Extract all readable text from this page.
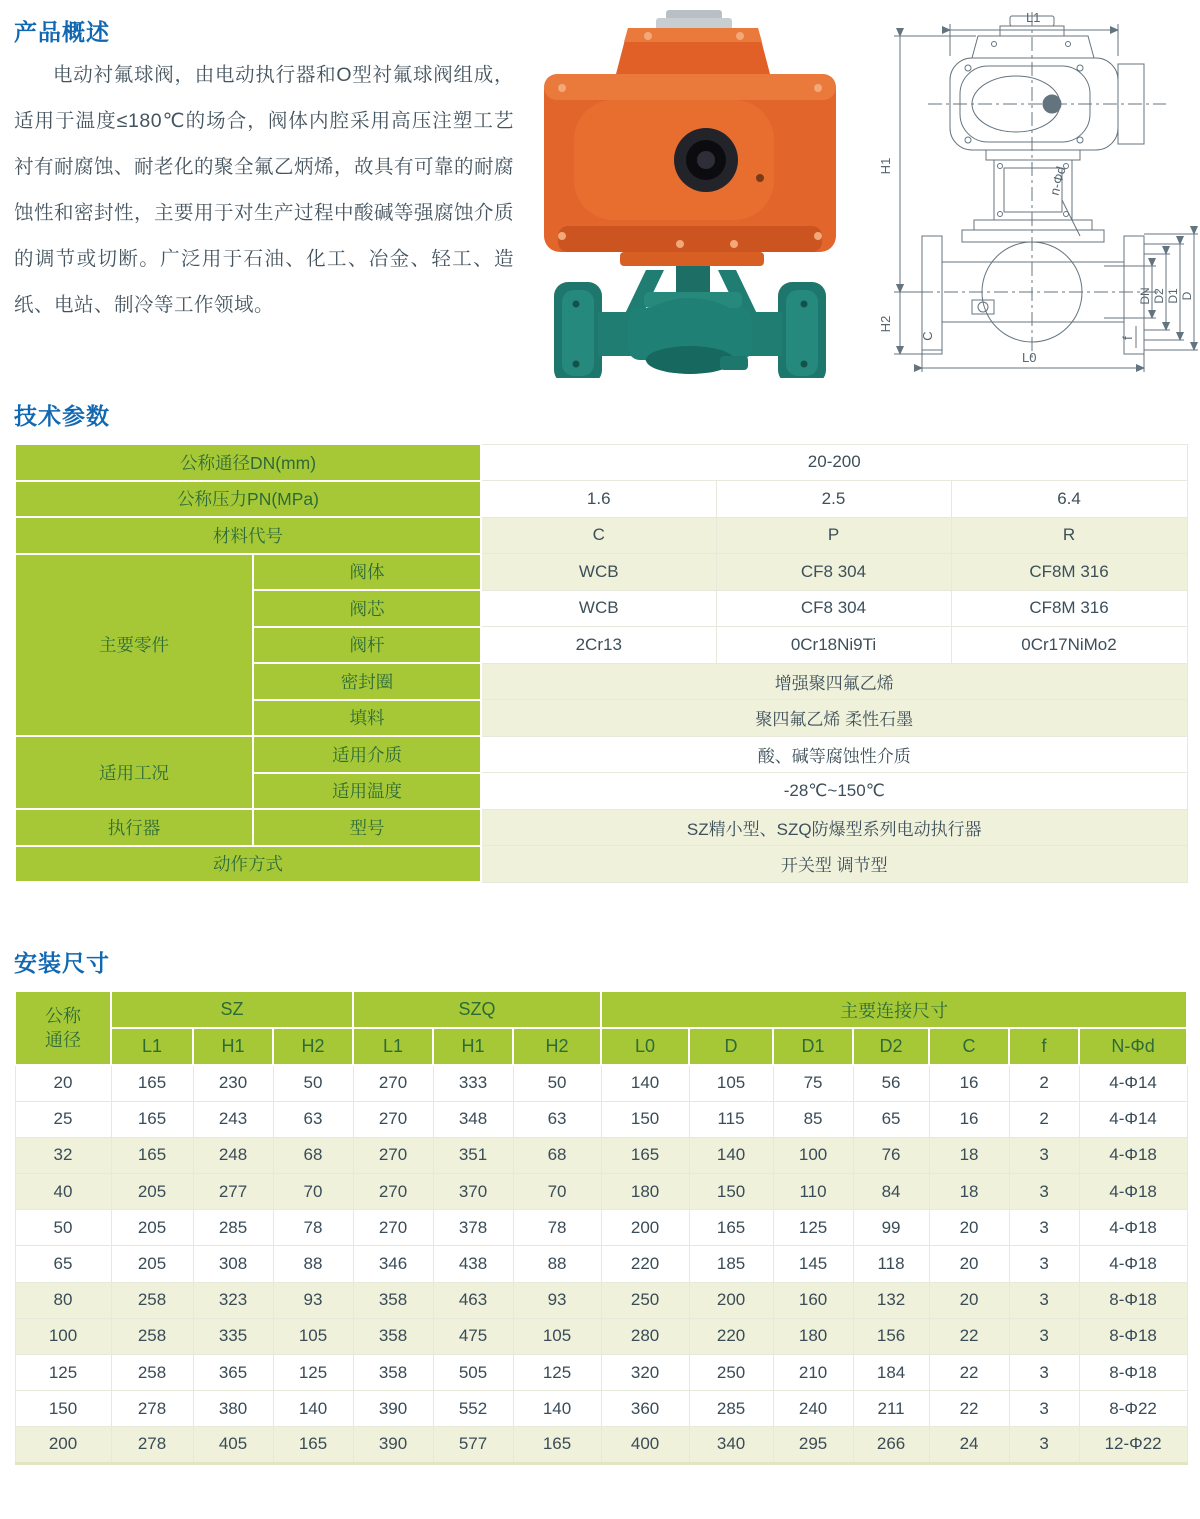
产品概述

电动衬氟球阀，由电动执行器和O型衬氟球阀组成，适用于温度≤180℃的场合，阀体内腔采用高压注塑工艺衬有耐腐蚀、耐老化的聚全氟乙炳烯，故具有可靠的耐腐蚀性和密封性，主要用于对生产过程中酸碱等强腐蚀介质的调节或切断。广泛用于石油、化工、冶金、轻工、造纸、电站、制冷等工作领域。

L1
H1
H2
C
L0
f
n-Φd
DN D2 D1 D
技术参数
公称通径DN(mm)		20-200		
公称压力PN(MPa)		1.6	2.5	6.4
材料代号		C	P	R
主要零件	阀体	WCB	CF8 304	CF8M 316
	阀芯	WCB	CF8 304	CF8M 316
	阀杆	2Cr13	0Cr18Ni9Ti	0Cr17NiMo2
	密封圈	增强聚四氟乙烯		
	填料	聚四氟乙烯 柔性石墨		
适用工况	适用介质	酸、碱等腐蚀性介质		
	适用温度	-28℃~150℃		
执行器	型号	SZ精小型、SZQ防爆型系列电动执行器		
动作方式		开关型 调节型		
安装尺寸
公称通径	SZ			SZQ			主要连接尺寸						
	L1	H1	H2	L1	H1	H2	L0	D	D1	D2	C	f	N-Φd
20	165	230	50	270	333	50	140	105	75	56	16	2	4-Φ14
25	165	243	63	270	348	63	150	115	85	65	16	2	4-Φ14
32	165	248	68	270	351	68	165	140	100	76	18	3	4-Φ18
40	205	277	70	270	370	70	180	150	110	84	18	3	4-Φ18
50	205	285	78	270	378	78	200	165	125	99	20	3	4-Φ18
65	205	308	88	346	438	88	220	185	145	118	20	3	4-Φ18
80	258	323	93	358	463	93	250	200	160	132	20	3	8-Φ18
100	258	335	105	358	475	105	280	220	180	156	22	3	8-Φ18
125	258	365	125	358	505	125	320	250	210	184	22	3	8-Φ18
150	278	380	140	390	552	140	360	285	240	211	22	3	8-Φ22
200	278	405	165	390	577	165	400	340	295	266	24	3	12-Φ22
